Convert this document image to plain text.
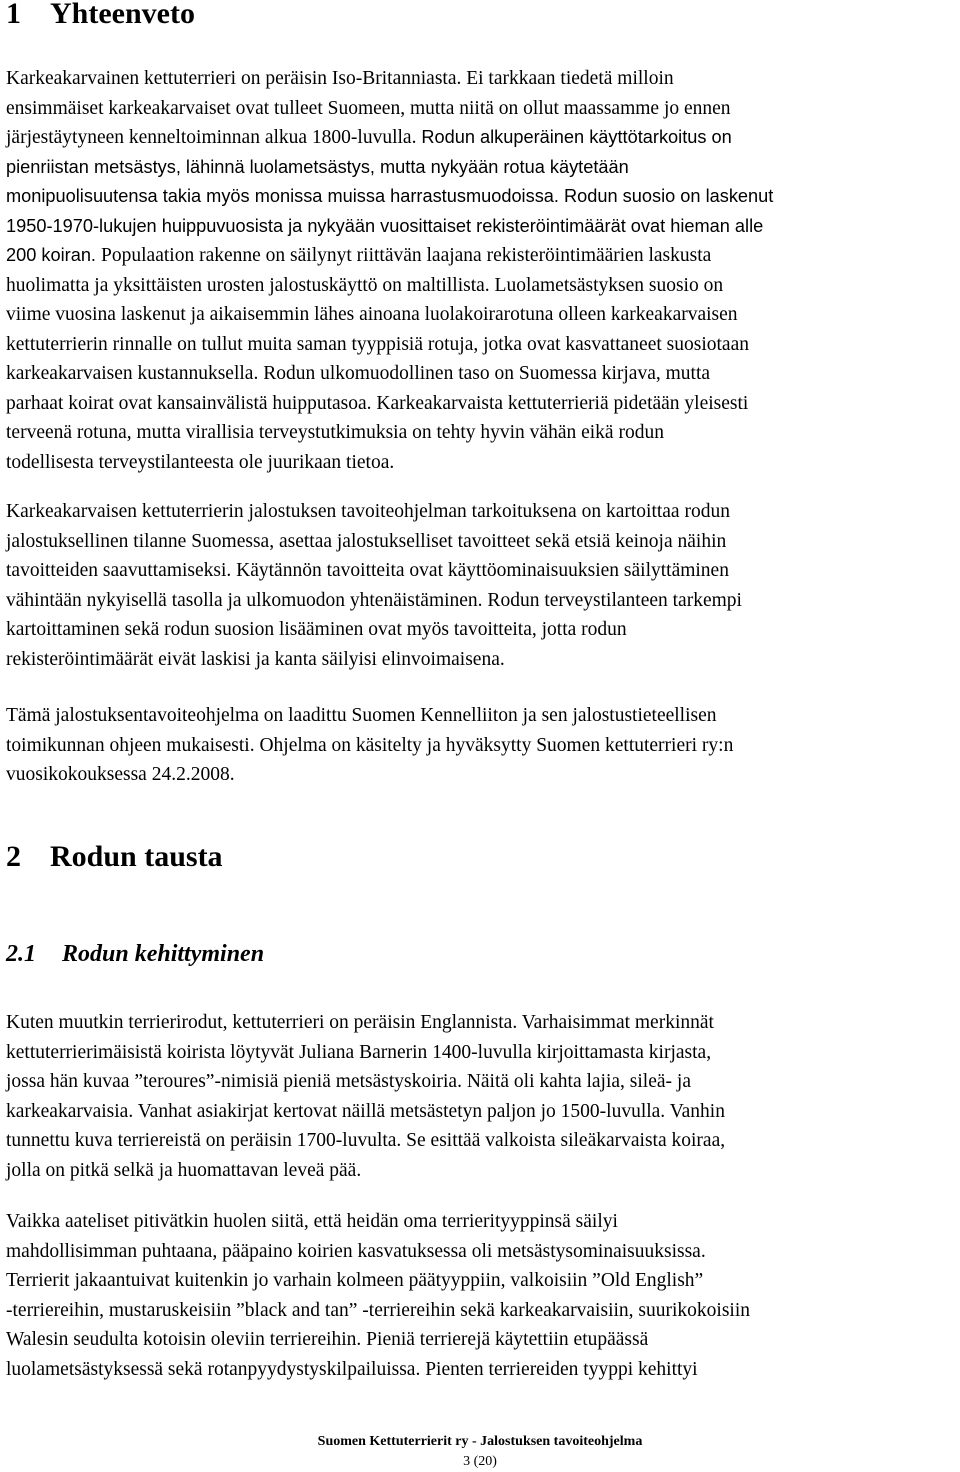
1 Yhteenveto

Karkeakarvainen kettuterrieri on peräisin Iso-Britanniasta. Ei tarkkaan tiedetä milloin
ensimmäiset karkeakarvaiset ovat tulleet Suomeen, mutta niitä on ollut maassamme jo ennen
järjestäytyneen kenneltoiminnan alkua 1800-luvulla. Rodun alkuperäinen käyttötarkoitus on
pienriistan metsästys, lähinnä luolametsästys, mutta nykyään rotua käytetään
monipuolisuutensa takia myös monissa muissa harrastusmuodoissa. Rodun suosio on laskenut
1950-1970-lukujen huippuvuosista ja nykyään vuosittaiset rekisteröintimäärät ovat hieman alle
200 koiran. Populaation rakenne on säilynyt riittävän laajana rekisteröintimäärien laskusta
huolimatta ja yksittäisten urosten jalostuskäyttö on maltillista. Luolametsästyksen suosio on
viime vuosina laskenut ja aikaisemmin lähes ainoana luolakoirarotuna olleen karkeakarvaisen
kettuterrierin rinnalle on tullut muita saman tyyppisiä rotuja, jotka ovat kasvattaneet suosiotaan
karkeakarvaisen kustannuksella. Rodun ulkomuodollinen taso on Suomessa kirjava, mutta
parhaat koirat ovat kansainvälistä huipputasoa. Karkeakarvaista kettuterrieriä pidetään yleisesti
terveenä rotuna, mutta virallisia terveystutkimuksia on tehty hyvin vähän eikä rodun
todellisesta terveystilanteesta ole juurikaan tietoa.

Karkeakarvaisen kettuterrierin jalostuksen tavoiteohjelman tarkoituksena on kartoittaa rodun
jalostuksellinen tilanne Suomessa, asettaa jalostukselliset tavoitteet sekä etsiä keinoja näihin
tavoitteiden saavuttamiseksi. Käytännön tavoitteita ovat käyttöominaisuuksien säilyttäminen
vähintään nykyisellä tasolla ja ulkomuodon yhtenäistäminen. Rodun terveystilanteen tarkempi
kartoittaminen sekä rodun suosion lisääminen ovat myös tavoitteita, jotta rodun
rekisteröintimäärät eivät laskisi ja kanta säilyisi elinvoimaisena.

Tämä jalostuksentavoiteohjelma on laadittu Suomen Kennelliiton ja sen jalostustieteellisen
toimikunnan ohjeen mukaisesti. Ohjelma on käsitelty ja hyväksytty Suomen kettuterrieri ry:n
vuosikokouksessa 24.2.2008.

2 Rodun tausta
2.1 Rodun kehittyminen

Kuten muutkin terrierirodut, kettuterrieri on peräisin Englannista. Varhaisimmat merkinnät
kettuterrierimäisistä koirista löytyvät Juliana Barnerin 1400-luvulla kirjoittamasta kirjasta,
jossa hän kuvaa ”teroures”-nimisiä pieniä metsästyskoiria. Näitä oli kahta lajia, sileä- ja
karkeakarvaisia. Vanhat asiakirjat kertovat näillä metsästetyn paljon jo 1500-luvulla. Vanhin
tunnettu kuva terriereistä on peräisin 1700-luvulta. Se esittää valkoista sileäkarvaista koiraa,
jolla on pitkä selkä ja huomattavan leveä pää.

Vaikka aateliset pitivätkin huolen siitä, että heidän oma terrierityyppinsä säilyi
mahdollisimman puhtaana, pääpaino koirien kasvatuksessa oli metsästysominaisuuksissa.
Terrierit jakaantuivat kuitenkin jo varhain kolmeen päätyyppiin, valkoisiin ”Old English”
-terriereihin, mustaruskeisiin ”black and tan” -terriereihin sekä karkeakarvaisiin, suurikokoisiin
Walesin seudulta kotoisin oleviin terriereihin. Pieniä terrierejä käytettiin etupäässä
luolametsästyksessä sekä rotanpyydystyskilpailuissa. Pienten terriereiden tyyppi kehittyi

Suomen Kettuterrierit ry - Jalostuksen tavoiteohjelma
3 (20)
